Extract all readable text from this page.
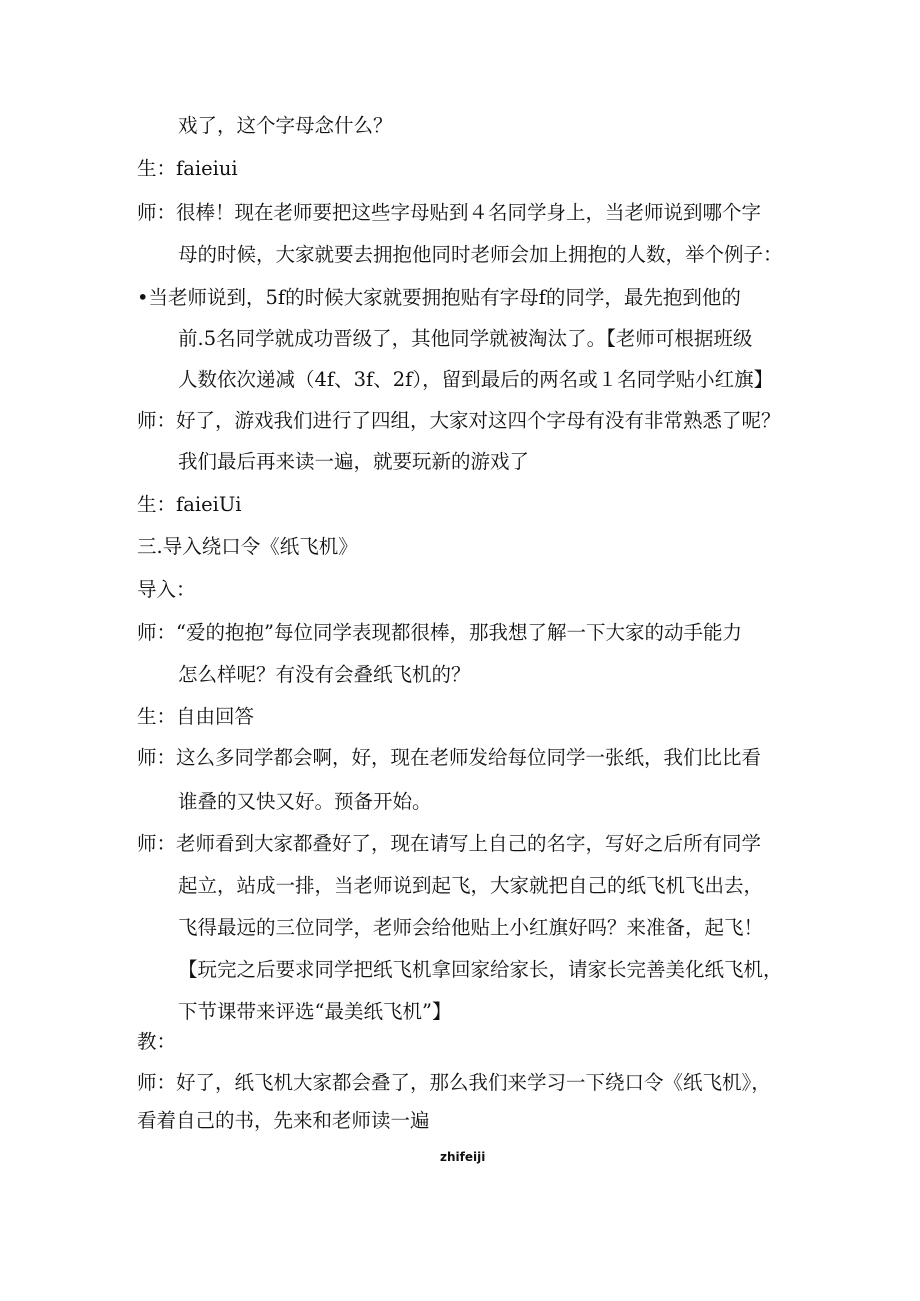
戏了，这个字母念什么？

生：faieiui

师：很棒！现在老师要把这些字母贴到４名同学身上，当老师说到哪个字

母的时候，大家就要去拥抱他同时老师会加上拥抱的人数，举个例子：

•当老师说到，5f的时候大家就要拥抱贴有字母f的同学，最先抱到他的

前.5名同学就成功晋级了，其他同学就被淘汰了。【老师可根据班级

人数依次递减（4f、3f、2f），留到最后的两名或１名同学贴小红旗】

师：好了，游戏我们进行了四组，大家对这四个字母有没有非常熟悉了呢？

我们最后再来读一遍，就要玩新的游戏了

生：faieiUi

三.导入绕口令《纸飞机》

导入：

师：“爱的抱抱”每位同学表现都很棒，那我想了解一下大家的动手能力

怎么样呢？有没有会叠纸飞机的？

生：自由回答

师：这么多同学都会啊，好，现在老师发给每位同学一张纸，我们比比看

谁叠的又快又好。预备开始。

师：老师看到大家都叠好了，现在请写上自己的名字，写好之后所有同学

起立，站成一排，当老师说到起飞，大家就把自己的纸飞机飞出去，

飞得最远的三位同学，老师会给他贴上小红旗好吗？来准备，起飞！

【玩完之后要求同学把纸飞机拿回家给家长，请家长完善美化纸飞机，

下节课带来评选“最美纸飞机”】

教：

师：好了，纸飞机大家都会叠了，那么我们来学习一下绕口令《纸飞机》，

看着自己的书，先来和老师读一遍

zhifeiji
